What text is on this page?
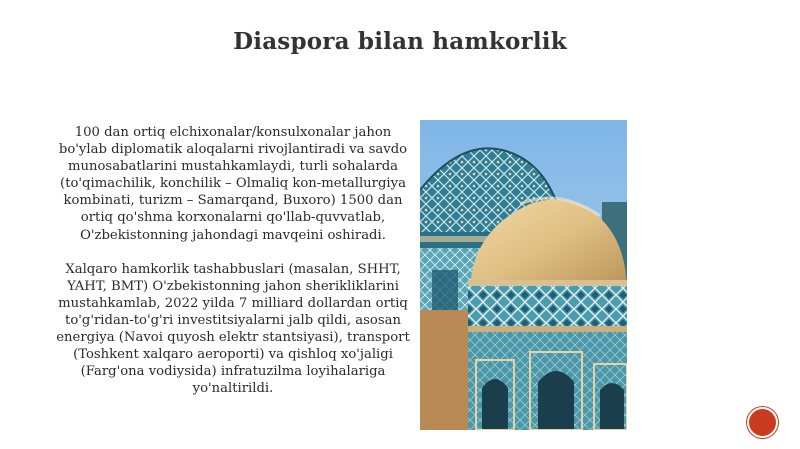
Diaspora bilan hamkorlik

100 dan ortiq elchixonalar/konsulxonalar jahon bo'ylab diplomatik aloqalarni rivojlantiradi va savdo munosabatlarini mustahkamlaydi, turli sohalarda (to'qimachilik, konchilik – Olmaliq kon-metallurgiya kombinati, turizm – Samarqand, Buxoro) 1500 dan ortiq qo'shma korxonalarni qo'llab-quvvatlab, O'zbekistonning jahondagi mavqeini oshiradi.

Xalqaro hamkorlik tashabbuslari (masalan, SHHT, YAHT, BMT) O'zbekistonning jahon sherikliklarini mustahkamlab, 2022 yilda 7 milliard dollardan ortiq to'g'ridan-to'g'ri investitsiyalarni jalb qildi, asosan energiya (Navoi quyosh elektr stantsiyasi), transport (Toshkent xalqaro aeroporti) va qishloq xo'jaligi (Farg'ona vodiysida) infratuzilma loyihalariga yo'naltirildi.
